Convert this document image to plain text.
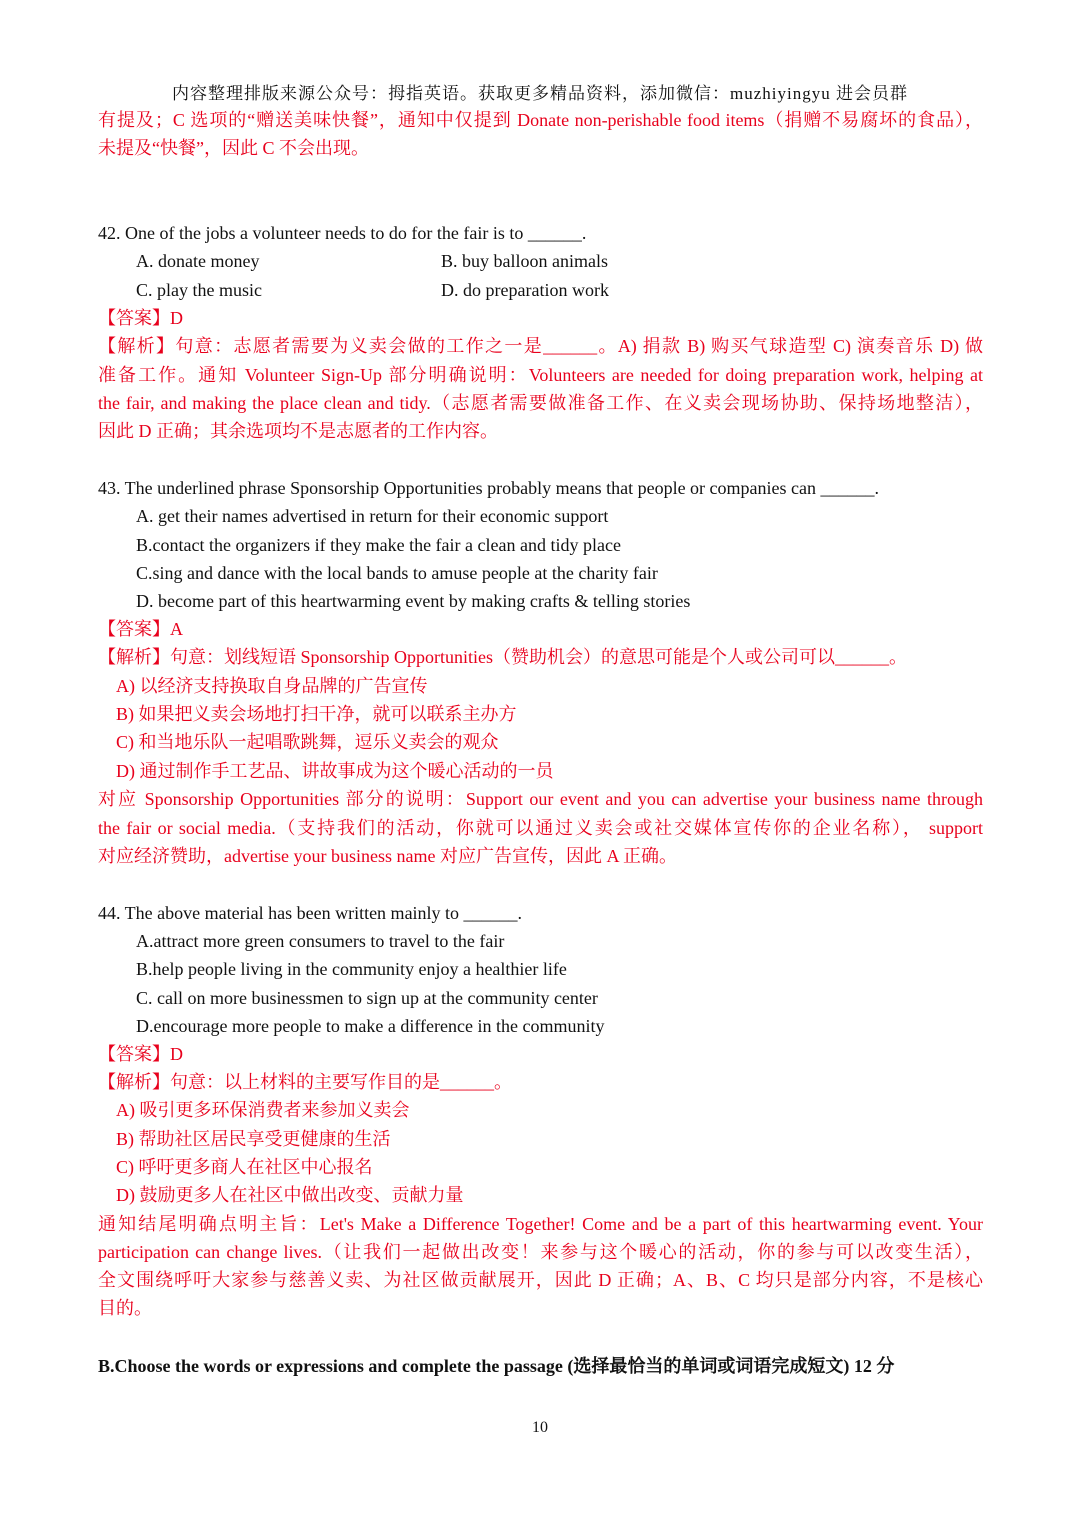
内容整理排版来源公众号：拇指英语。获取更多精品资料，添加微信：muzhiyingyu 进会员群
有提及；C 选项的“赠送美味快餐”，通知中仅提到 Donate non-perishable food items（捐赠不易腐坏的食品），
未提及“快餐”，因此 C 不会出现。
42. One of the jobs a volunteer needs to do for the fair is to ______.
A. donate money	B. buy balloon animals
C. play the music	D. do preparation work
【答案】D
【解析】句意：志愿者需要为义卖会做的工作之一是______。A) 捐款 B) 购买气球造型 C) 演奏音乐 D) 做
准备工作。通知 Volunteer Sign-Up 部分明确说明：Volunteers are needed for doing preparation work, helping at
the fair, and making the place clean and tidy.（志愿者需要做准备工作、在义卖会现场协助、保持场地整洁），
因此 D 正确；其余选项均不是志愿者的工作内容。
43. The underlined phrase Sponsorship Opportunities probably means that people or companies can ______.
A. get their names advertised in return for their economic support
B.contact the organizers if they make the fair a clean and tidy place
C.sing and dance with the local bands to amuse people at the charity fair
D. become part of this heartwarming event by making crafts & telling stories
【答案】A
【解析】句意：划线短语 Sponsorship Opportunities（赞助机会）的意思可能是个人或公司可以______。
A) 以经济支持换取自身品牌的广告宣传
B) 如果把义卖会场地打扫干净，就可以联系主办方
C) 和当地乐队一起唱歌跳舞，逗乐义卖会的观众
D) 通过制作手工艺品、讲故事成为这个暖心活动的一员
对应 Sponsorship Opportunities 部分的说明：Support our event and you can advertise your business name through
the fair or social media.（支持我们的活动，你就可以通过义卖会或社交媒体宣传你的企业名称）， support
对应经济赞助，advertise your business name 对应广告宣传，因此 A 正确。
44. The above material has been written mainly to ______.
A.attract more green consumers to travel to the fair
B.help people living in the community enjoy a healthier life
C. call on more businessmen to sign up at the community center
D.encourage more people to make a difference in the community
【答案】D
【解析】句意：以上材料的主要写作目的是______。
A) 吸引更多环保消费者来参加义卖会
B) 帮助社区居民享受更健康的生活
C) 呼吁更多商人在社区中心报名
D) 鼓励更多人在社区中做出改变、贡献力量
通知结尾明确点明主旨：Let's Make a Difference Together! Come and be a part of this heartwarming event. Your
participation can change lives.（让我们一起做出改变！来参与这个暖心的活动，你的参与可以改变生活），
全文围绕呼吁大家参与慈善义卖、为社区做贡献展开，因此 D 正确；A、B、C 均只是部分内容，不是核心
目的。
B.Choose the words or expressions and complete the passage (选择最恰当的单词或词语完成短文) 12 分
10
